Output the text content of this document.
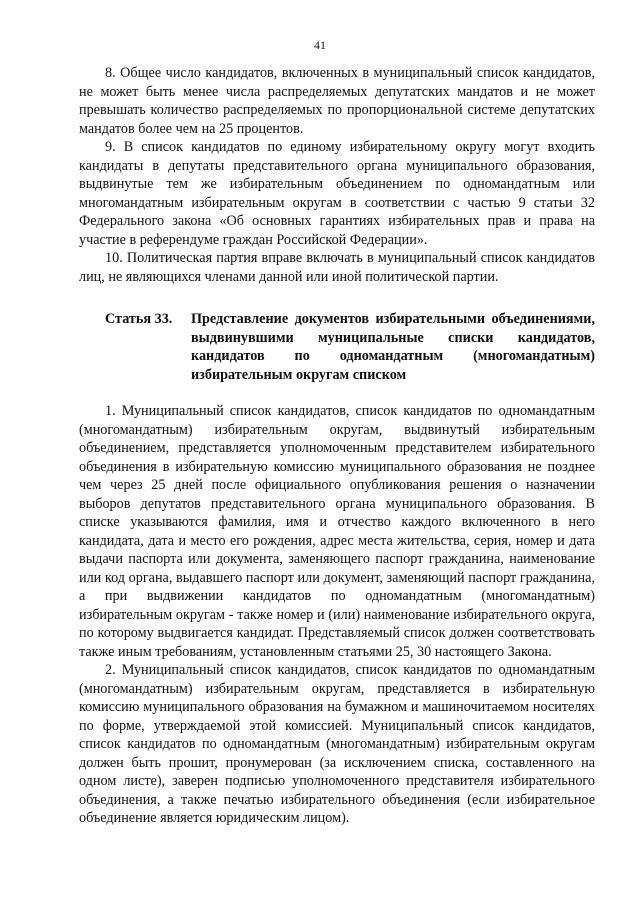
41

8. Общее число кандидатов, включенных в муниципальный список кандидатов, не может быть менее числа распределяемых депутатских мандатов и не может превышать количество распределяемых по пропорциональной системе депутатских мандатов более чем на 25 процентов.

9. В список кандидатов по единому избирательному округу могут входить кандидаты в депутаты представительного органа муниципального образования, выдвинутые тем же избирательным объединением по одномандатным или многомандатным избирательным округам в соответствии с частью 9 статьи 32 Федерального закона «Об основных гарантиях избирательных прав и права на участие в референдуме граждан Российской Федерации».

10. Политическая партия вправе включать в муниципальный список кандидатов лиц, не являющихся членами данной или иной политической партии.

Статья 33.	Представление документов избирательными объединениями, выдвинувшими муниципальные списки кандидатов, кандидатов по одномандатным (многомандатным) избирательным округам списком

1. Муниципальный список кандидатов, список кандидатов по одномандатным (многомандатным) избирательным округам, выдвинутый избирательным объединением, представляется уполномоченным представителем избирательного объединения в избирательную комиссию муниципального образования не позднее чем через 25 дней после официального опубликования решения о назначении выборов депутатов представительного органа муниципального образования. В списке указываются фамилия, имя и отчество каждого включенного в него кандидата, дата и место его рождения, адрес места жительства, серия, номер и дата выдачи паспорта или документа, заменяющего паспорт гражданина, наименование или код органа, выдавшего паспорт или документ, заменяющий паспорт гражданина, а при выдвижении кандидатов по одномандатным (многомандатным) избирательным округам - также номер и (или) наименование избирательного округа, по которому выдвигается кандидат. Представляемый список должен соответствовать также иным требованиям, установленным статьями 25, 30 настоящего Закона.

2. Муниципальный список кандидатов, список кандидатов по одномандатным (многомандатным) избирательным округам, представляется в избирательную комиссию муниципального образования на бумажном и машиночитаемом носителях по форме, утверждаемой этой комиссией. Муниципальный список кандидатов, список кандидатов по одномандатным (многомандатным) избирательным округам должен быть прошит, пронумерован (за исключением списка, составленного на одном листе), заверен подписью уполномоченного представителя избирательного объединения, а также печатью избирательного объединения (если избирательное объединение является юридическим лицом).
